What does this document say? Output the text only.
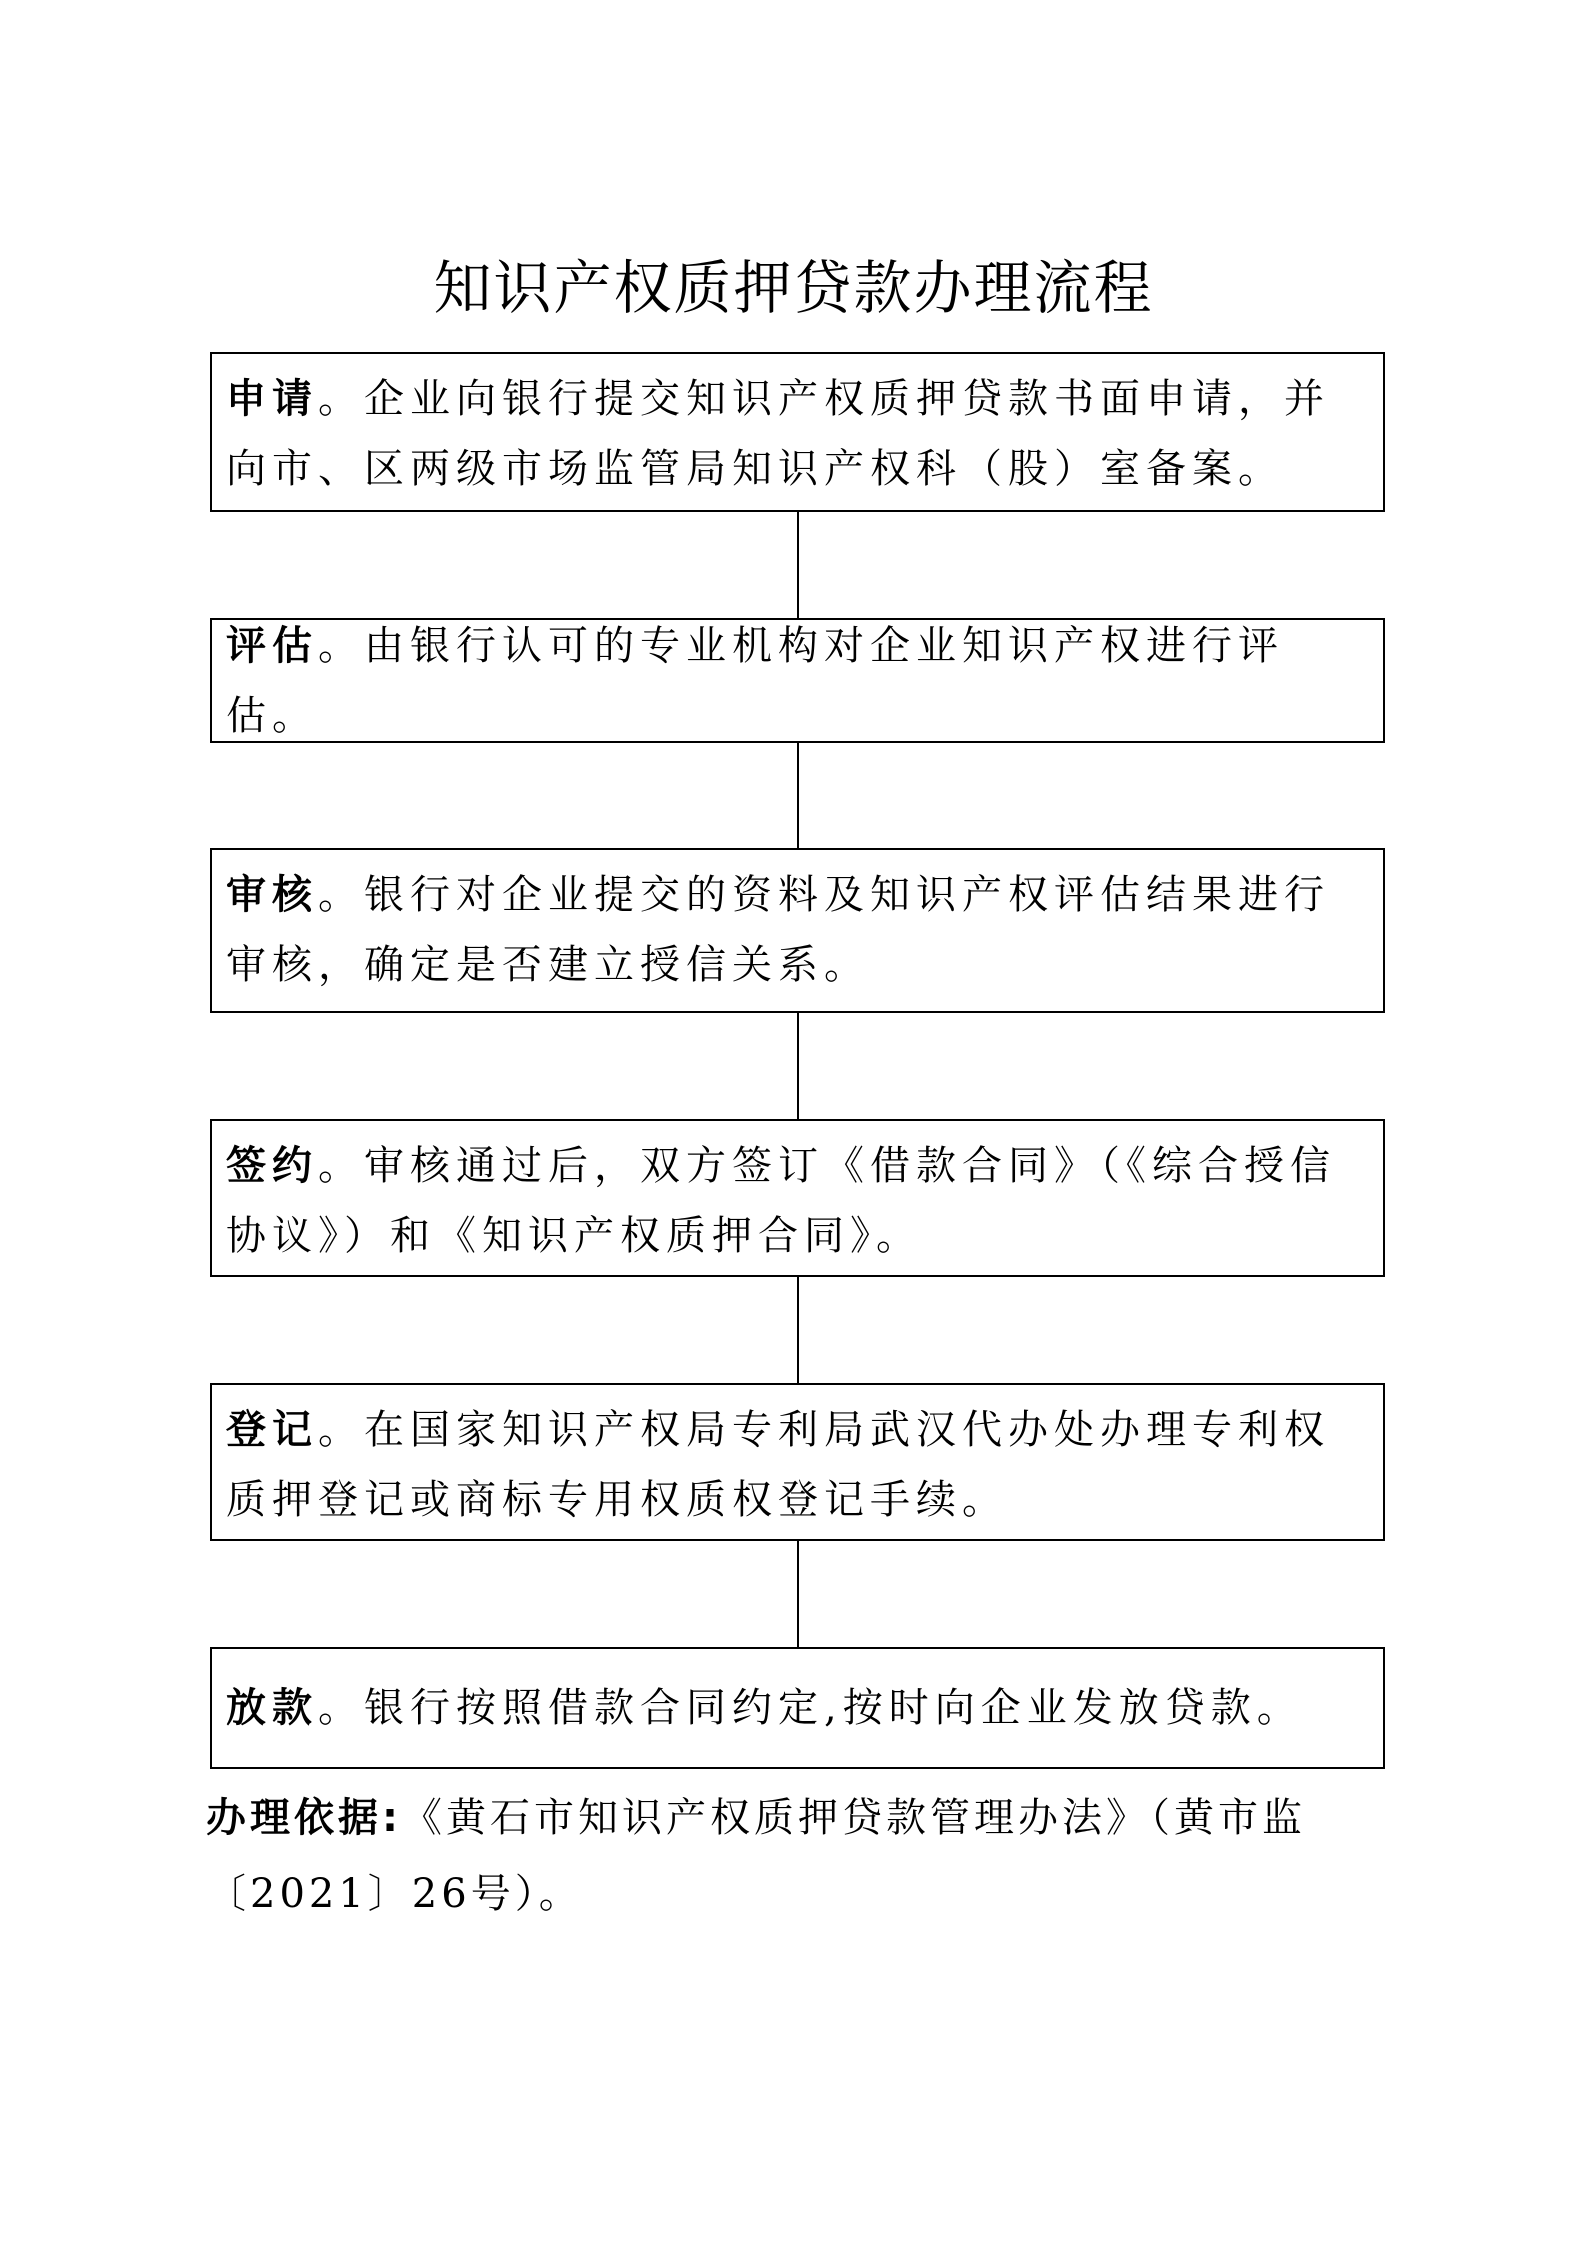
知识产权质押贷款办理流程
申请。企业向银行提交知识产权质押贷款书面申请，并向市、区两级市场监管局知识产权科（股）室备案。
评估。由银行认可的专业机构对企业知识产权进行评估。
审核。银行对企业提交的资料及知识产权评估结果进行审核，确定是否建立授信关系。
签约。审核通过后，双方签订《借款合同》（《综合授信协议》）和《知识产权质押合同》。
登记。在国家知识产权局专利局武汉代办处办理专利权质押登记或商标专用权质权登记手续。
放款。银行按照借款合同约定,按时向企业发放贷款。
办理依据:《黄石市知识产权质押贷款管理办法》（黄市监〔2021〕26号）。
